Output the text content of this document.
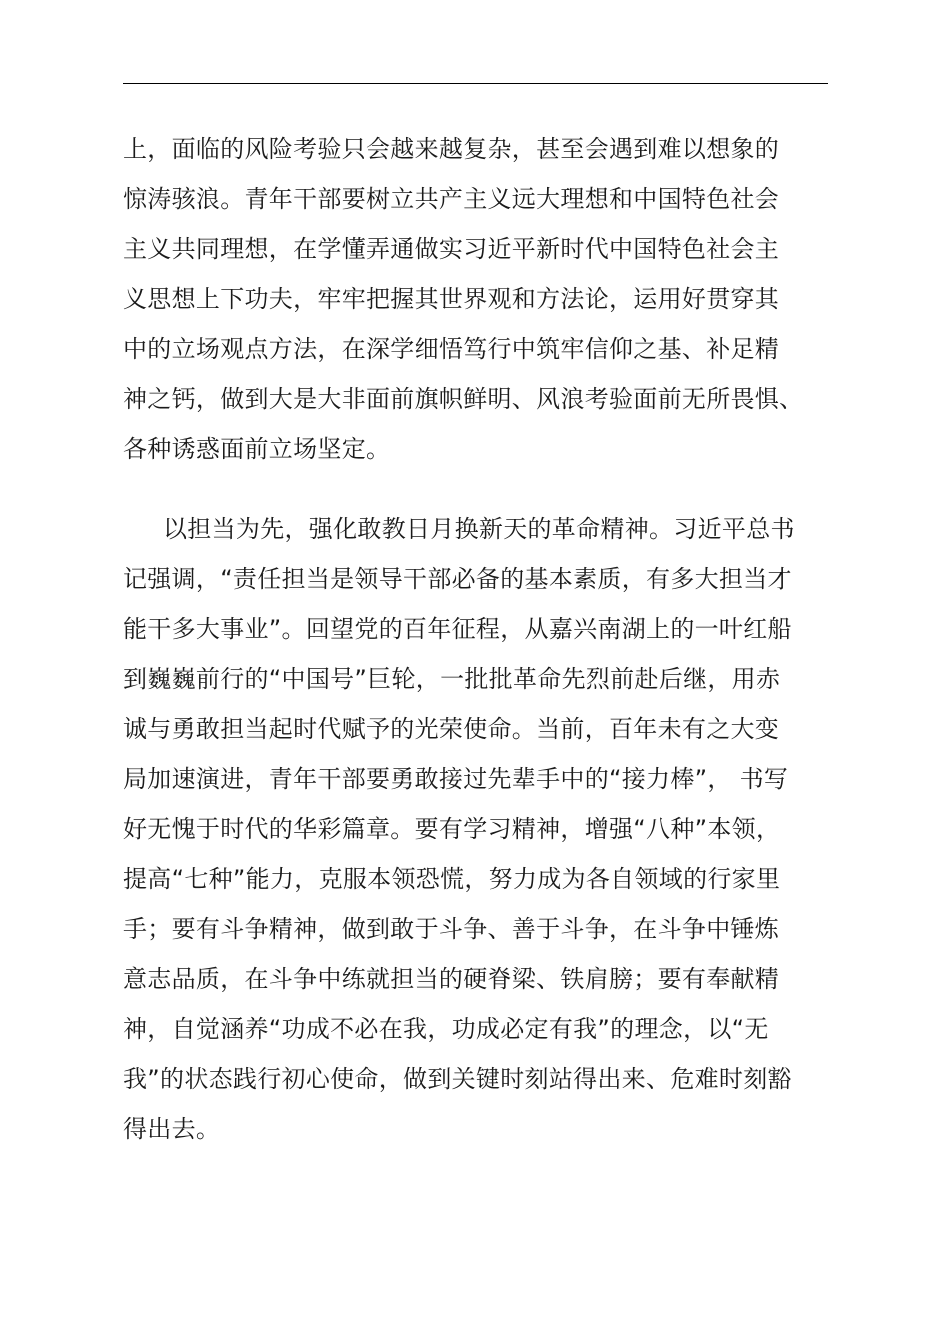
上，面临的风险考验只会越来越复杂，甚至会遇到难以想象的
惊涛骇浪。青年干部要树立共产主义远大理想和中国特色社会
主义共同理想，在学懂弄通做实习近平新时代中国特色社会主
义思想上下功夫，牢牢把握其世界观和方法论，运用好贯穿其
中的立场观点方法，在深学细悟笃行中筑牢信仰之基、补足精
神之钙，做到大是大非面前旗帜鲜明、风浪考验面前无所畏惧、
各种诱惑面前立场坚定。
以担当为先，强化敢教日月换新天的革命精神。习近平总书
记强调，“责任担当是领导干部必备的基本素质，有多大担当才
能干多大事业”。回望党的百年征程，从嘉兴南湖上的一叶红船
到巍巍前行的“中国号”巨轮，一批批革命先烈前赴后继，用赤
诚与勇敢担当起时代赋予的光荣使命。当前，百年未有之大变
局加速演进，青年干部要勇敢接过先辈手中的“接力棒”， 书写
好无愧于时代的华彩篇章。要有学习精神，增强“八种”本领，
提高“七种”能力，克服本领恐慌，努力成为各自领域的行家里
手；要有斗争精神，做到敢于斗争、善于斗争，在斗争中锤炼
意志品质，在斗争中练就担当的硬脊梁、铁肩膀；要有奉献精
神，自觉涵养“功成不必在我，功成必定有我”的理念，以“无
我”的状态践行初心使命，做到关键时刻站得出来、危难时刻豁
得出去。
